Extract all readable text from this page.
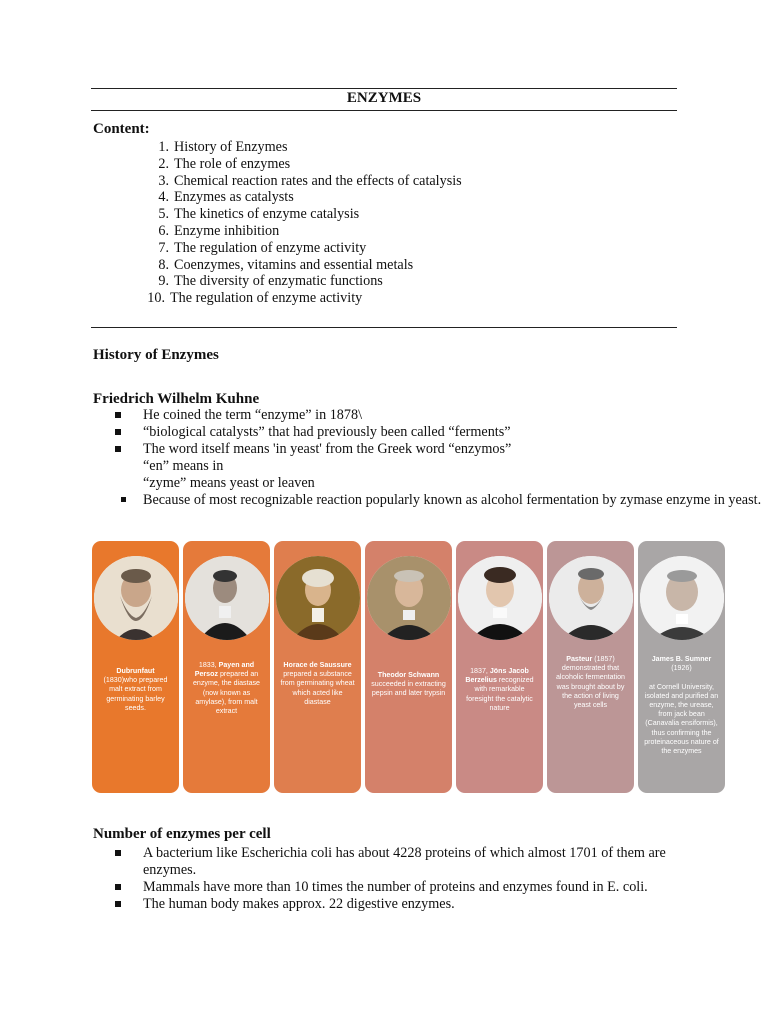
ENZYMES
Content:
1. History of Enzymes
2. The role of enzymes
3. Chemical reaction rates and the effects of catalysis
4. Enzymes as catalysts
5. The kinetics of enzyme catalysis
6. Enzyme inhibition
7. The regulation of enzyme activity
8. Coenzymes, vitamins and essential metals
9. The diversity of enzymatic functions
10. The regulation of enzyme activity
History of Enzymes
Friedrich Wilhelm Kuhne
He coined the term “enzyme” in 1878\
“biological catalysts” that had previously been called “ferments”
The word itself means 'in yeast' from the Greek word “enzymos”
“en” means in
“zyme” means yeast or leaven
Because of most recognizable reaction popularly known as alcohol fermentation by zymase enzyme in yeast.
Dubrunfaut
(1830)who prepared malt extract from germinating barley seeds.
1833, Payen and Persoz prepared an enzyme, the diastase (now known as amylase), from malt extract
Horace de Saussure
prepared a substance from germinating wheat which acted like diastase
Theodor Schwann
succeeded in extracting pepsin and later trypsin
1837, Jöns Jacob Berzelius recognized with remarkable foresight the catalytic nature
Pasteur (1857) demonstrated that alcoholic fermentation was brought about by the action of living yeast cells
James B. Sumner
(1926)

at Cornell University, isolated and purified an enzyme, the urease, from jack bean (Canavalia ensiformis), thus confirming the proteinaceous nature of the enzymes
Number of enzymes per cell
A bacterium like Escherichia coli has about 4228 proteins of which almost 1701 of them are enzymes.
Mammals have more than 10 times the number of proteins and enzymes found in E. coli.
The human body makes approx. 22 digestive enzymes.
